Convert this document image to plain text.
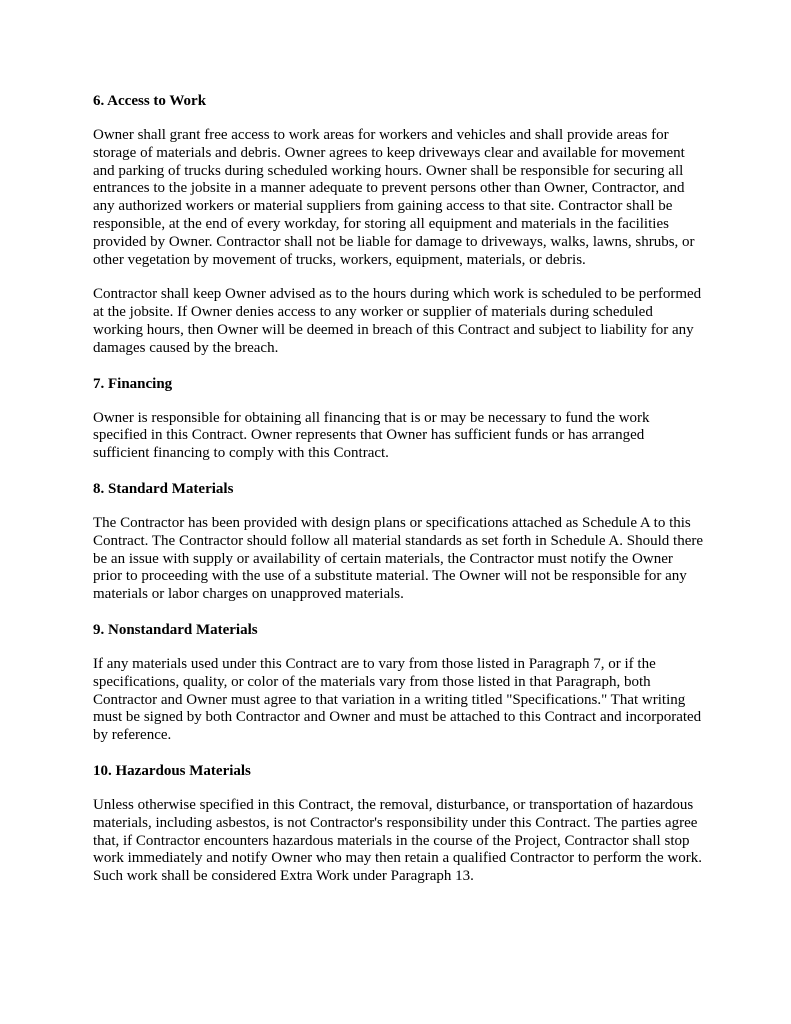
6. Access to Work

Owner shall grant free access to work areas for workers and vehicles and shall provide areas for storage of materials and debris. Owner agrees to keep driveways clear and available for movement and parking of trucks during scheduled working hours. Owner shall be responsible for securing all entrances to the jobsite in a manner adequate to prevent persons other than Owner, Contractor, and any authorized workers or material suppliers from gaining access to that site. Contractor shall be responsible, at the end of every workday, for storing all equipment and materials in the facilities provided by Owner. Contractor shall not be liable for damage to driveways, walks, lawns, shrubs, or other vegetation by movement of trucks, workers, equipment, materials, or debris.

Contractor shall keep Owner advised as to the hours during which work is scheduled to be performed at the jobsite. If Owner denies access to any worker or supplier of materials during scheduled working hours, then Owner will be deemed in breach of this Contract and subject to liability for any damages caused by the breach.

7. Financing

Owner is responsible for obtaining all financing that is or may be necessary to fund the work specified in this Contract. Owner represents that Owner has sufficient funds or has arranged sufficient financing to comply with this Contract.

8. Standard Materials

The Contractor has been provided with design plans or specifications attached as Schedule A to this Contract. The Contractor should follow all material standards as set forth in Schedule A. Should there be an issue with supply or availability of certain materials, the Contractor must notify the Owner prior to proceeding with the use of a substitute material. The Owner will not be responsible for any materials or labor charges on unapproved materials.

9. Nonstandard Materials

If any materials used under this Contract are to vary from those listed in Paragraph 7, or if the specifications, quality, or color of the materials vary from those listed in that Paragraph, both Contractor and Owner must agree to that variation in a writing titled "Specifications." That writing must be signed by both Contractor and Owner and must be attached to this Contract and incorporated by reference.

10. Hazardous Materials

Unless otherwise specified in this Contract, the removal, disturbance, or transportation of hazardous materials, including asbestos, is not Contractor's responsibility under this Contract. The parties agree that, if Contractor encounters hazardous materials in the course of the Project, Contractor shall stop work immediately and notify Owner who may then retain a qualified Contractor to perform the work. Such work shall be considered Extra Work under Paragraph 13.
